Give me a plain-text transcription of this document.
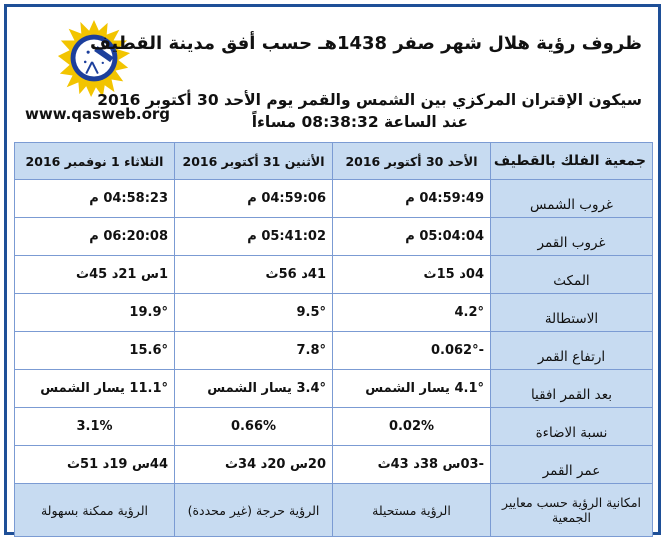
www.qasweb.org
ظروف رؤية هلال شهر صفر 1438هـ حسب أفق مدينة القطيف
سيكون الإقتران المركزي بين الشمس والقمر يوم الأحد 30 أكتوبر 2016
عند الساعة 08:38:32 مساءاً
جمعية الفلك بالقطيف	الأحد 30 أكتوبر 2016	الأثنين 31 أكتوبر 2016	الثلاثاء 1 نوفمبر 2016
غروب الشمس	04:59:49 م	04:59:06 م	04:58:23 م
غروب القمر	05:04:04 م	05:41:02 م	06:20:08 م
المكث	04د 15ث	41د 56ث	1س 21د 45ث
الاستطالة	4.2°	9.5°	19.9°
ارتفاع القمر	-0.062°	7.8°	15.6°
بعد القمر افقيا	4.1° يسار الشمس	3.4° يسار الشمس	11.1° يسار الشمس
نسبة الاضاءة	0.02%	0.66%	3.1%
عمر القمر	-03س 38د 43ث	20س 20د 34ث	44س 19د 51ث
امكانية الرؤية حسب معايير الجمعية	الرؤية مستحيلة	الرؤية حرجة (غير محددة)	الرؤية ممكنة بسهولة
